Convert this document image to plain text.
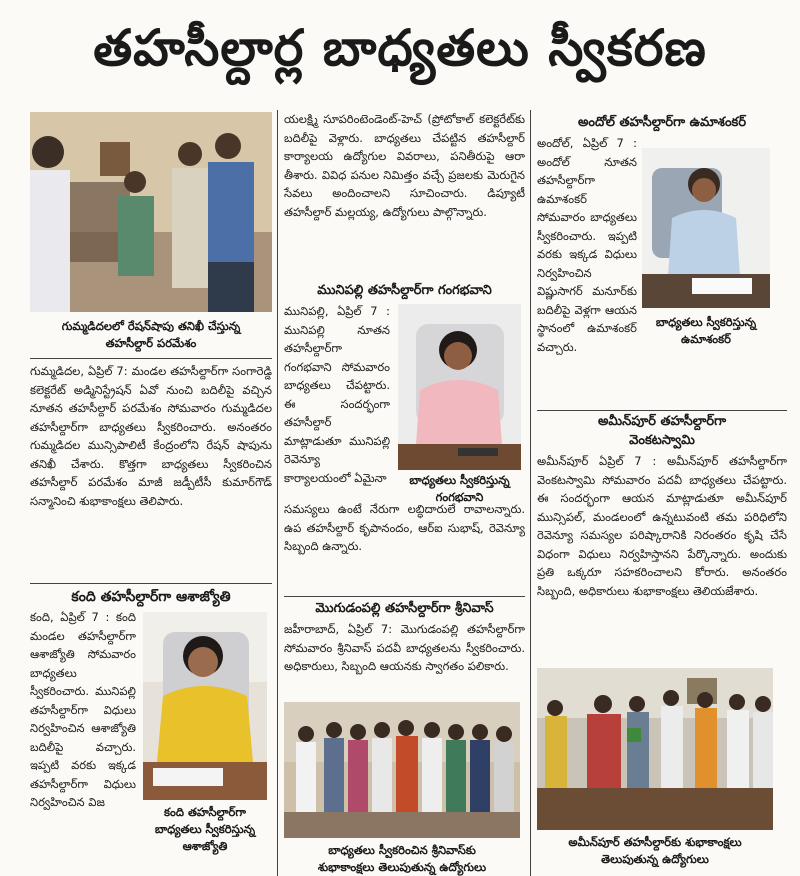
తహసీల్దార్ల బాధ్యతలు స్వీకరణ
గుమ్మడిదలలో రేషన్‌షాపు తనిఖీ చేస్తున్న
తహసీల్దార్ పరమేశం
గుమ్మడిదల, ఏప్రిల్ 7: మండల తహసీల్దార్‌గా సంగారెడ్డి కలెక్టరేట్ అడ్మినిస్ట్రేషన్ ఏవో నుంచి బదిలీపై వచ్చిన నూతన తహసీల్దార్ పరమేశం సోమవారం గుమ్మడిదల తహసీల్దార్‌గా బాధ్యతలు స్వీకరించారు. అనంతరం గుమ్మడిదల మున్సిపాలిటీ కేంద్రంలోని రేషన్ షాపును తనిఖీ చేశారు. కొత్తగా బాధ్యతలు స్వీకరించిన తహసీల్దార్ పరమేశం మాజీ జడ్పీటీసీ కుమార్‌గౌడ్ సన్మానించి శుభాకాంక్షలు తెలిపారు.
కంది తహసీల్దార్‌గా ఆశాజ్యోతి
కంది, ఏప్రిల్ 7 : కంది మండల తహసీల్దార్‌గా ఆశాజ్యోతి సోమవారం బాధ్యతలు స్వీకరించారు. మునిపల్లి తహసీల్దార్‌గా విధులు నిర్వహించిన ఆశాజ్యోతి బదిలీపై వచ్చారు. ఇప్పటి వరకు ఇక్కడ తహసీల్దార్‌గా విధులు నిర్వహించిన విజ
కంది తహసీల్దార్‌గా
బాధ్యతలు స్వీకరిస్తున్న
ఆశాజ్యోతి
యలక్ష్మి సూపరింటెండెంట్-హెచ్ (ప్రోటోకాల్ కలెక్టరేట్‌కు బదిలీపై వెళ్లారు. బాధ్యతలు చేపట్టిన తహసీల్దార్ కార్యాలయ ఉద్యోగుల వివరాలు, పనితీరుపై ఆరా తీశారు. వివిధ పనుల నిమిత్తం వచ్చే ప్రజలకు మెరుగైన సేవలు అందించాలని సూచించారు. డిప్యూటీ తహసీల్దార్ మల్లయ్య, ఉద్యోగులు పాల్గొన్నారు.
మునిపల్లి తహసీల్దార్‌గా గంగభవాని
మునిపల్లి, ఏప్రిల్ 7 : మునిపల్లి నూతన తహసీల్దార్‌గా గంగభవాని సోమవారం బాధ్యతలు చేపట్టారు. ఈ సందర్భంగా తహసీల్దార్ మాట్లాడుతూ మునిపల్లి రెవెన్యూ కార్యాలయంలో ఏమైనా	బాధ్యతలు స్వీకరిస్తున్న
గంగభవాని
సమస్యలు ఉంటే నేరుగా లబ్ధిదారులే రావాలన్నారు. ఉప తహసీల్దార్ కృపానందం, ఆర్‌ఐ సుభాష్, రెవెన్యూ సిబ్బంది ఉన్నారు.
మొగుడంపల్లి తహసీల్దార్‌గా శ్రీనివాస్
జహీరాబాద్, ఏప్రిల్ 7: మొగుడంపల్లి తహసీల్దార్‌గా సోమవారం శ్రీనివాస్ పదవీ బాధ్యతలను స్వీకరించారు. అధికారులు, సిబ్బంది ఆయనకు స్వాగతం పలికారు.
బాధ్యతలు స్వీకరించిన శ్రీనివాస్‌కు
శుభాకాంక్షలు తెలుపుతున్న ఉద్యోగులు
అందోల్ తహసీల్దార్‌గా ఉమాశంకర్
అందోల్, ఏప్రిల్ 7 : అందోల్ నూతన తహసీల్దార్‌గా ఉమాశంకర్ సోమవారం బాధ్యతలు స్వీకరించారు. ఇప్పటి వరకు ఇక్కడ విధులు నిర్వహించిన విష్ణుసాగర్ మనూర్‌కు బదిలీపై వెళ్లగా ఆయన స్థానంలో ఉమాశంకర్ వచ్చారు.
బాధ్యతలు స్వీకరిస్తున్న
ఉమాశంకర్
అమీన్‌పూర్ తహసీల్దార్‌గా
వెంకటస్వామి
అమీన్‌పూర్ ఏప్రిల్ 7 : అమీన్‌పూర్ తహసీల్దార్‌గా వెంకటస్వామి సోమవారం పదవీ బాధ్యతలు చేపట్టారు. ఈ సందర్భంగా ఆయన మాట్లాడుతూ అమీన్‌పూర్ మున్సిపల్, మండలంలో ఉన్నటువంటి తమ పరిధిలోని రెవెన్యూ సమస్యల పరిష్కారానికి నిరంతరం కృషి చేసే విధంగా విధులు నిర్వహిస్తానని పేర్కొన్నారు. అందుకు ప్రతి ఒక్కరూ సహకరించాలని కోరారు. అనంతరం సిబ్బంది, అధికారులు శుభాకాంక్షలు తెలియజేశారు.
అమీన్‌పూర్ తహసీల్దార్‌కు శుభాకాంక్షలు
తెలుపుతున్న ఉద్యోగులు
